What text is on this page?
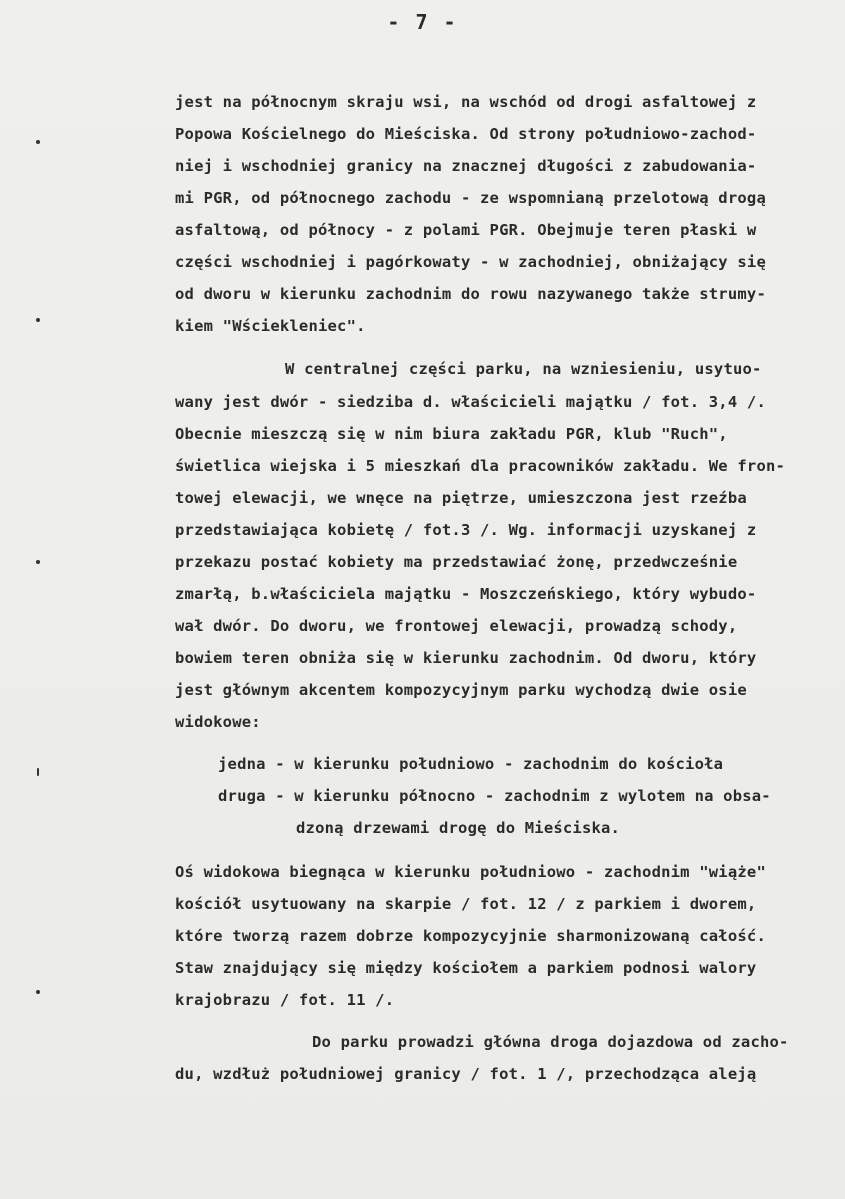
- 7 -
jest na północnym skraju wsi, na wschód od drogi asfaltowej z
Popowa Kościelnego do Mieściska. Od strony południowo-zachod-
niej i wschodniej granicy na znacznej długości z zabudowania-
mi PGR, od północnego zachodu - ze wspomnianą przelotową drogą
asfaltową, od północy - z polami PGR. Obejmuje teren płaski w
części wschodniej i pagórkowaty - w zachodniej, obniżający się
od dworu w kierunku zachodnim do rowu nazywanego także strumy-
kiem "Wściekleniec".
W centralnej części parku, na wzniesieniu, usytuo-
wany jest dwór - siedziba d. właścicieli majątku / fot. 3,4 /.
Obecnie mieszczą się w nim biura zakładu PGR, klub "Ruch",
świetlica wiejska i 5 mieszkań dla pracowników zakładu. We fron-
towej elewacji, we wnęce na piętrze, umieszczona jest rzeźba
przedstawiająca kobietę / fot.3 /. Wg. informacji uzyskanej z
przekazu postać kobiety ma przedstawiać żonę, przedwcześnie
zmarłą, b.właściciela majątku - Moszczeńskiego, który wybudo-
wał dwór. Do dworu, we frontowej elewacji, prowadzą schody,
bowiem teren obniża się w kierunku zachodnim. Od dworu, który
jest głównym akcentem kompozycyjnym parku wychodzą dwie osie
widokowe:
jedna - w kierunku południowo - zachodnim do kościoła
druga - w kierunku północno - zachodnim z wylotem na obsa-
dzoną drzewami drogę do Mieściska.
Oś widokowa biegnąca w kierunku południowo - zachodnim "wiąże"
kościół usytuowany na skarpie / fot. 12 / z parkiem i dworem,
które tworzą razem dobrze kompozycyjnie sharmonizowaną całość.
Staw znajdujący się między kościołem a parkiem podnosi walory
krajobrazu / fot. 11 /.
Do parku prowadzi główna droga dojazdowa od zacho-
du, wzdłuż południowej granicy / fot. 1 /, przechodząca aleją
